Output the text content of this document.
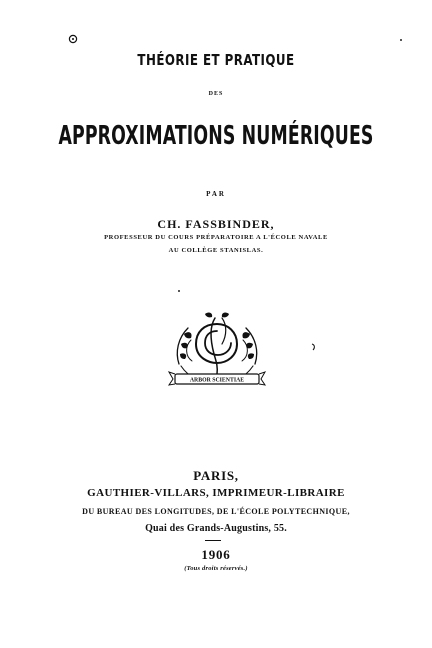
THÉORIE ET PRATIQUE
DES
APPROXIMATIONS NUMÉRIQUES
PAR
CH. FASSBINDER,
PROFESSEUR DU COURS PRÉPARATOIRE A L'ÉCOLE NAVALE
AU COLLÈGE STANISLAS.
ARBOR SCIENTIAE
PARIS,
GAUTHIER-VILLARS, IMPRIMEUR-LIBRAIRE
DU BUREAU DES LONGITUDES, DE L'ÉCOLE POLYTECHNIQUE,
Quai des Grands-Augustins, 55.
1906
(Tous droits réservés.)
